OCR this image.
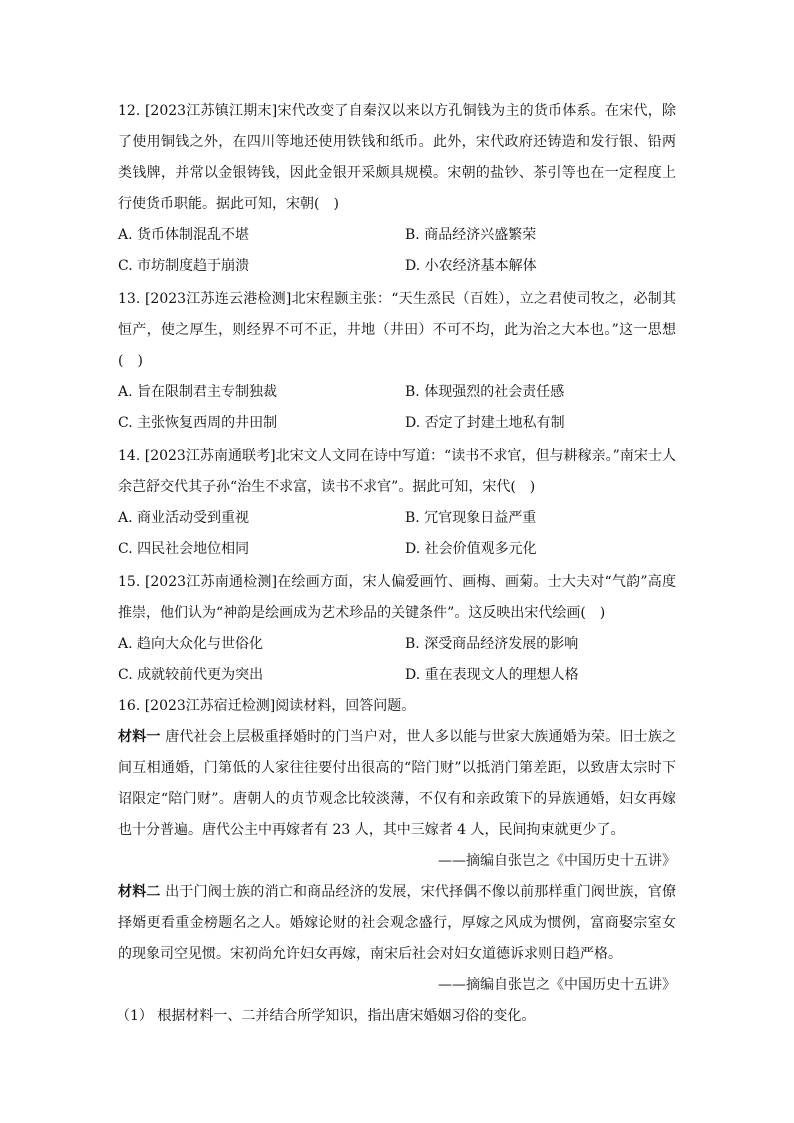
12. [2023江苏镇江期末]宋代改变了自秦汉以来以方孔铜钱为主的货币体系。在宋代，除了使用铜钱之外，在四川等地还使用铁钱和纸币。此外，宋代政府还铸造和发行银、铅两类钱牌，并常以金银铸钱，因此金银开采颇具规模。宋朝的盐钞、茶引等也在一定程度上行使货币职能。据此可知，宋朝(　)

A. 货币体制混乱不堪	B. 商品经济兴盛繁荣
C. 市坊制度趋于崩溃	D. 小农经济基本解体

13. [2023江苏连云港检测]北宋程颢主张：“天生烝民（百姓），立之君使司牧之，必制其恒产，使之厚生，则经界不可不正，井地（井田）不可不均，此为治之大本也。”这一思想(　)

A. 旨在限制君主专制独裁	B. 体现强烈的社会责任感
C. 主张恢复西周的井田制	D. 否定了封建土地私有制

14. [2023江苏南通联考]北宋文人文同在诗中写道：“读书不求官，但与耕稼亲。”南宋士人余芑舒交代其子孙“治生不求富，读书不求官”。据此可知，宋代(　)

A. 商业活动受到重视	B. 冗官现象日益严重
C. 四民社会地位相同	D. 社会价值观多元化

15. [2023江苏南通检测]在绘画方面，宋人偏爱画竹、画梅、画菊。士大夫对“气韵”高度推崇，他们认为“神韵是绘画成为艺术珍品的关键条件”。这反映出宋代绘画(　)

A. 趋向大众化与世俗化	B. 深受商品经济发展的影响
C. 成就较前代更为突出	D. 重在表现文人的理想人格

16. [2023江苏宿迁检测]阅读材料，回答问题。

材料一 唐代社会上层极重择婚时的门当户对，世人多以能与世家大族通婚为荣。旧士族之间互相通婚，门第低的人家往往要付出很高的“陪门财”以抵消门第差距，以致唐太宗时下诏限定“陪门财”。唐朝人的贞节观念比较淡薄，不仅有和亲政策下的异族通婚，妇女再嫁也十分普遍。唐代公主中再嫁者有 23 人，其中三嫁者 4 人，民间拘束就更少了。

——摘编自张岂之《中国历史十五讲》

材料二 出于门阀士族的消亡和商品经济的发展，宋代择偶不像以前那样重门阀世族，官僚择婿更看重金榜题名之人。婚嫁论财的社会观念盛行，厚嫁之风成为惯例，富商娶宗室女的现象司空见惯。宋初尚允许妇女再嫁，南宋后社会对妇女道德诉求则日趋严格。

——摘编自张岂之《中国历史十五讲》

（1） 根据材料一、二并结合所学知识，指出唐宋婚姻习俗的变化。
